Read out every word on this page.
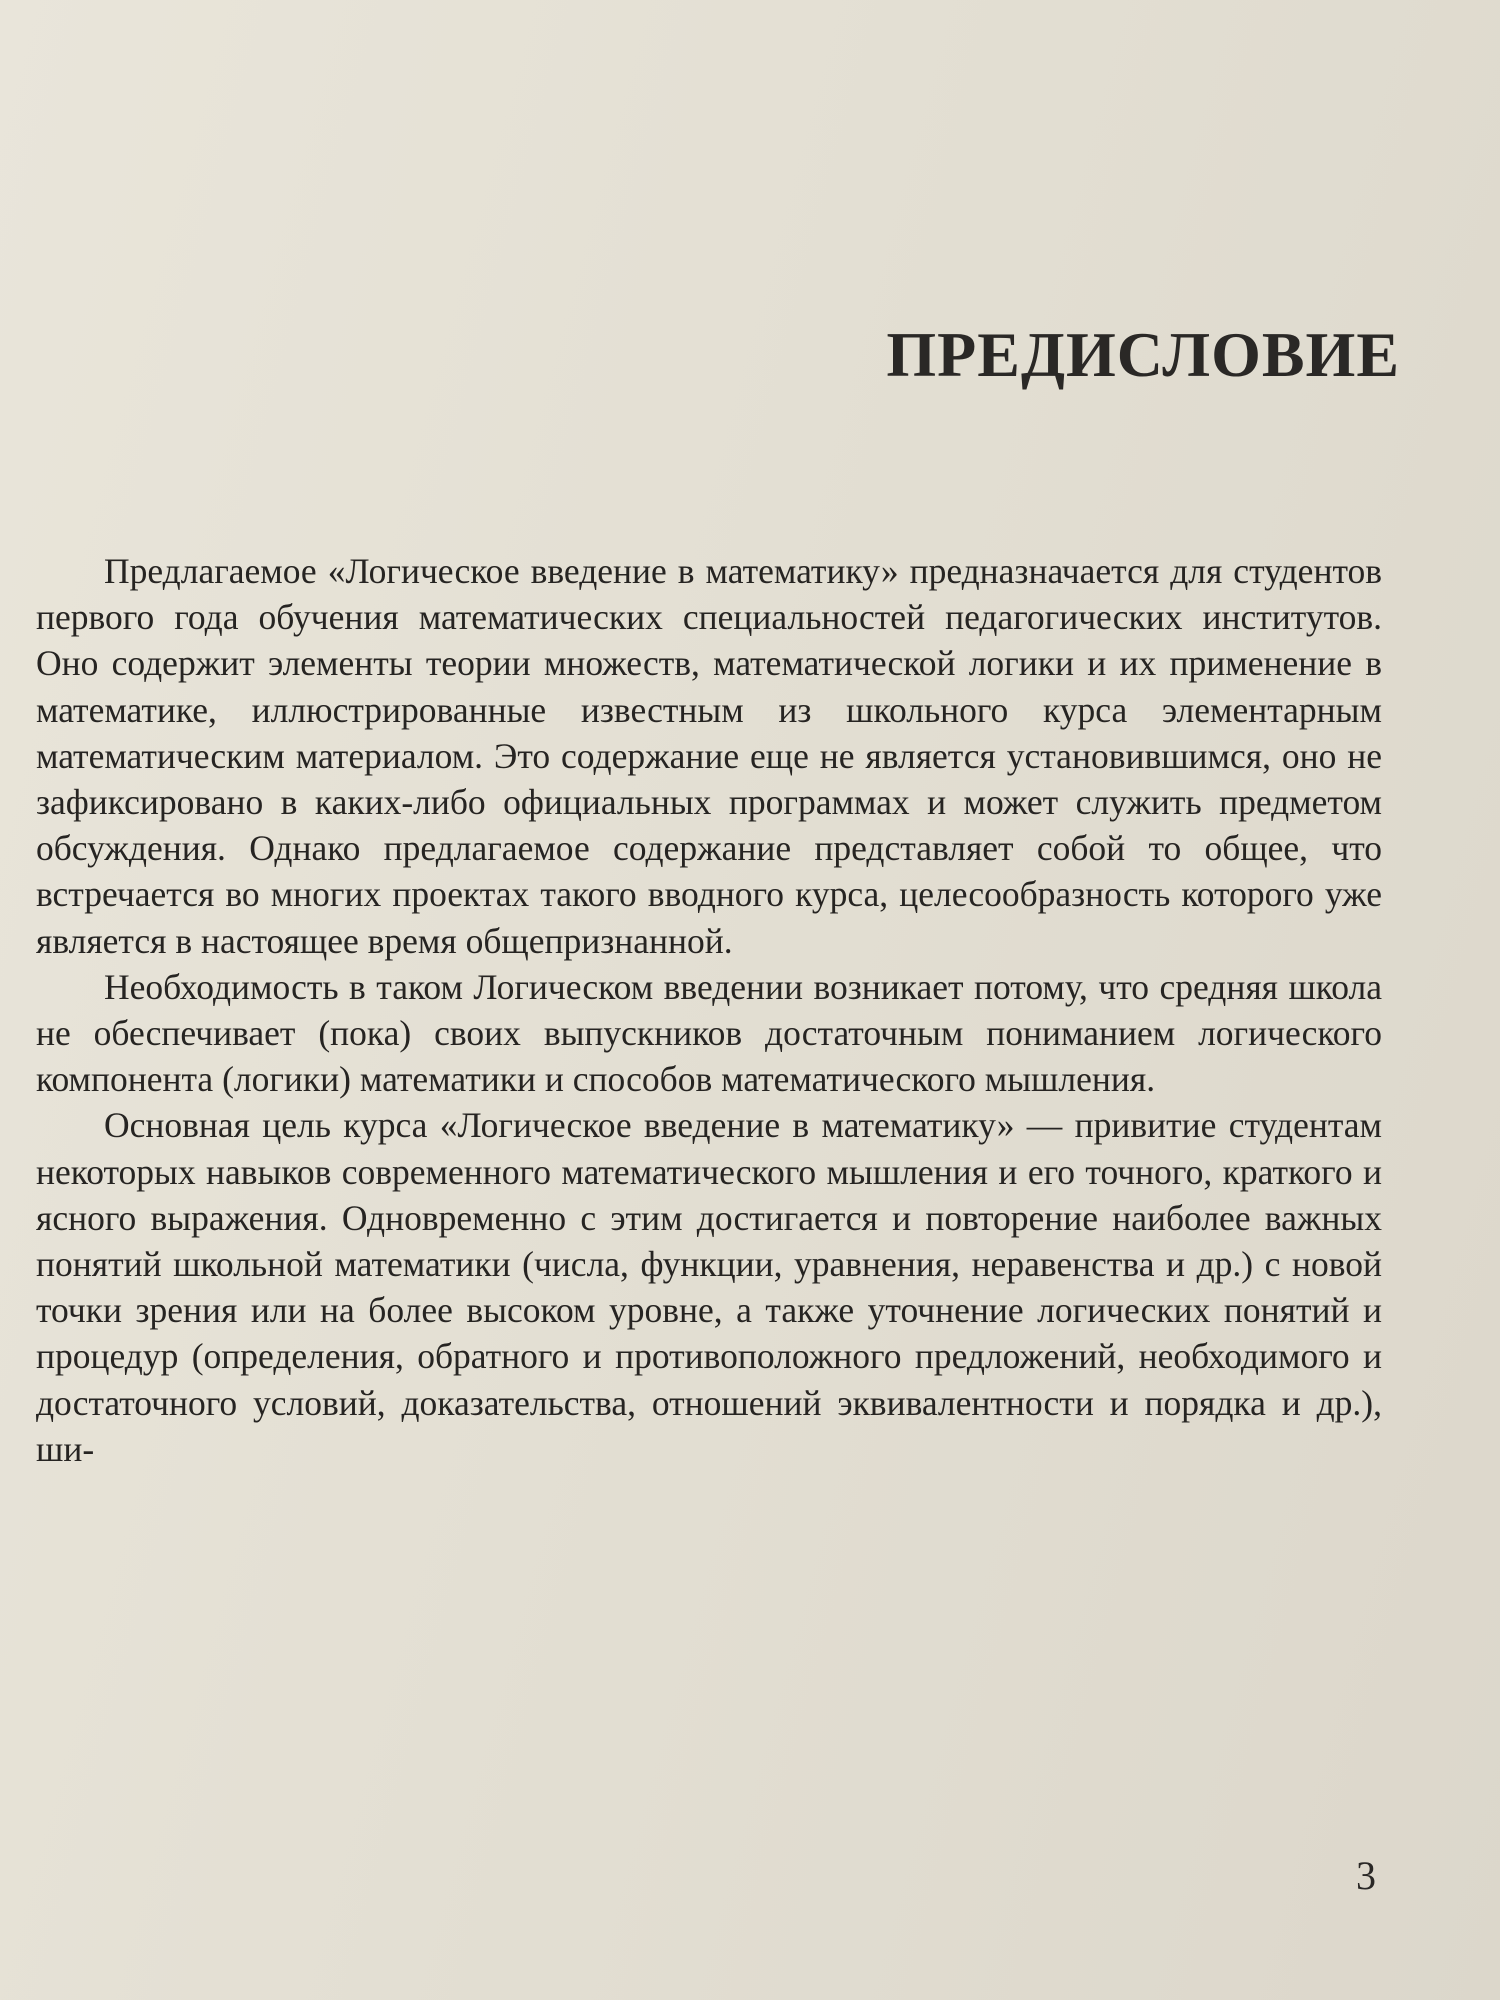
ПРЕДИСЛОВИЕ

Предлагаемое «Логическое введение в математику» предназначается для студентов первого года обучения математических специальностей педагогических институтов. Оно содержит элементы теории множеств, математической логики и их применение в математике, иллюстрированные известным из школьного курса элементарным математическим материалом. Это содержание еще не является установившимся, оно не зафиксировано в каких-либо официальных программах и может служить предметом обсуждения. Однако предлагаемое содержание представляет собой то общее, что встречается во многих проектах такого вводного курса, целесообразность которого уже является в настоящее время общепризнанной.

Необходимость в таком Логическом введении возникает потому, что средняя школа не обеспечивает (пока) своих выпускников достаточным пониманием логического компонента (логики) математики и способов математического мышления.

Основная цель курса «Логическое введение в математику» — привитие студентам некоторых навыков современного математического мышления и его точного, краткого и ясного выражения. Одновременно с этим достигается и повторение наиболее важных понятий школьной математики (числа, функции, уравнения, неравенства и др.) с новой точки зрения или на более высоком уровне, а также уточнение логических понятий и процедур (определения, обратного и противоположного предложений, необходимого и достаточного условий, доказательства, отношений эквивалентности и порядка и др.), ши-

3
